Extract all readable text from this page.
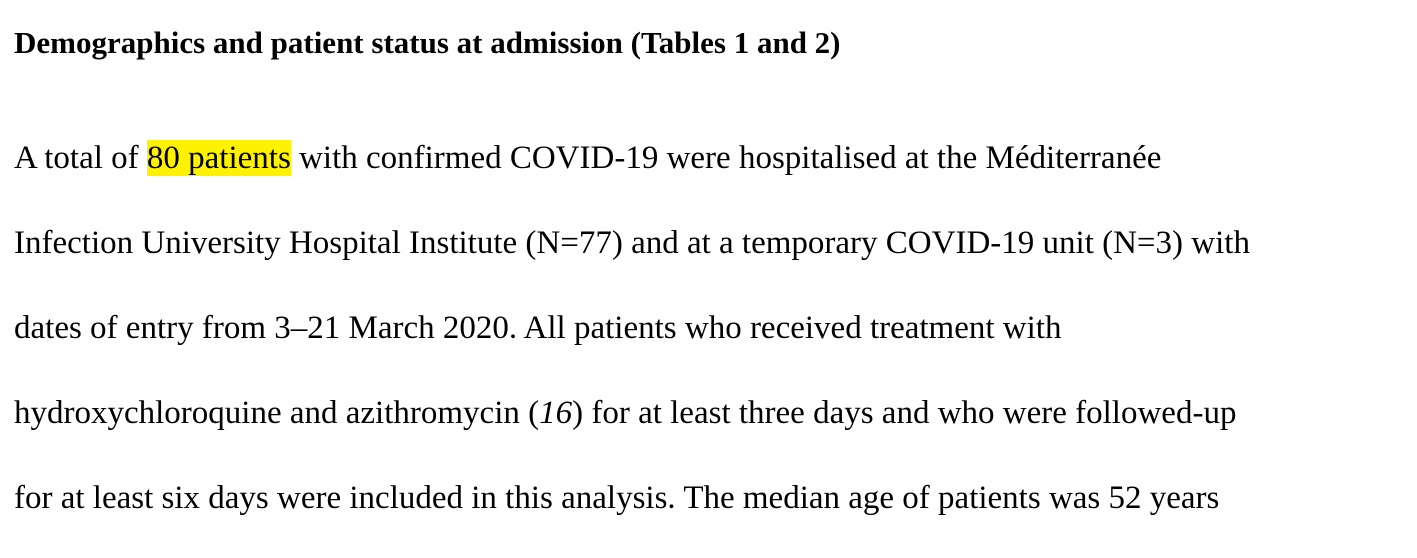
Demographics and patient status at admission (Tables 1 and 2)
A total of 80 patients with confirmed COVID-19 were hospitalised at the Méditerranée
Infection University Hospital Institute (N=77) and at a temporary COVID-19 unit (N=3) with
dates of entry from 3–21 March 2020. All patients who received treatment with
hydroxychloroquine and azithromycin (16) for at least three days and who were followed-up
for at least six days were included in this analysis. The median age of patients was 52 years
